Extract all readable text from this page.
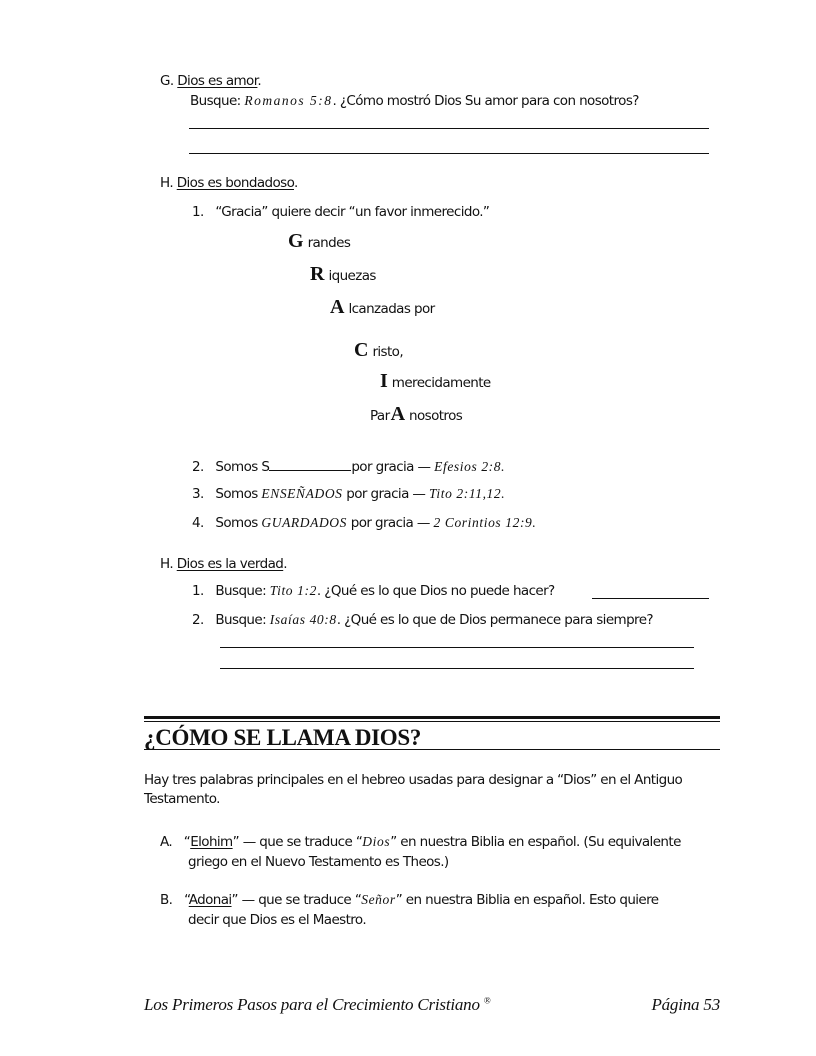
G. Dios es amor.
Busque: Romanos 5:8. ¿Cómo mostró Dios Su amor para con nosotros?
H. Dios es bondadoso.
1. “Gracia” quiere decir “un favor inmerecido.”
G randes
R iquezas
A lcanzadas por
C risto,
I merecidamente
Par A nosotros
2. Somos S	por gracia — Efesios 2:8.
3. Somos ENSEÑADOS por gracia — Tito 2:11,12.
4. Somos GUARDADOS por gracia — 2 Corintios 12:9.
H. Dios es la verdad.
1. Busque: Tito 1:2. ¿Qué es lo que Dios no puede hacer?
2. Busque: Isaías 40:8. ¿Qué es lo que de Dios permanece para siempre?
¿CÓMO SE LLAMA DIOS?
Hay tres palabras principales en el hebreo usadas para designar a “Dios” en el Antiguo
Testamento.
A. “Elohim” — que se traduce “Dios” en nuestra Biblia en español. (Su equivalente
griego en el Nuevo Testamento es Theos.)
B. “Adonai” — que se traduce “Señor” en nuestra Biblia en español. Esto quiere
decir que Dios es el Maestro.
Los Primeros Pasos para el Crecimiento Cristiano ®	Página 53
